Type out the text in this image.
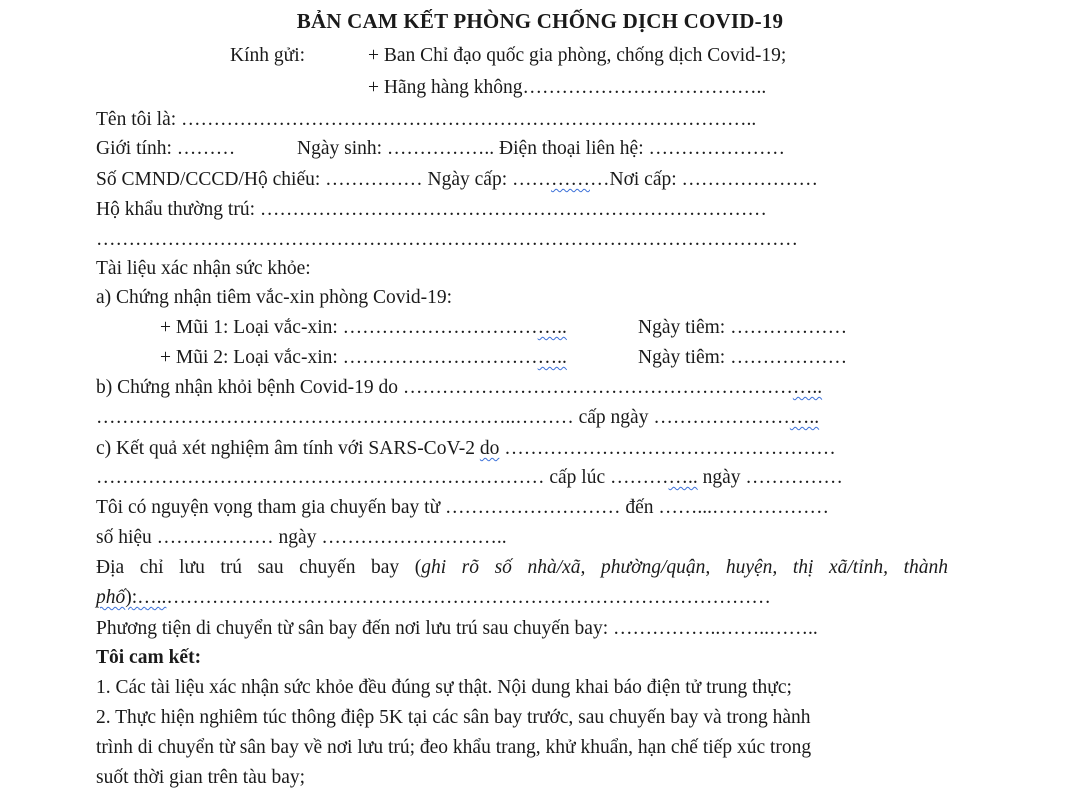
BẢN CAM KẾT PHÒNG CHỐNG DỊCH COVID-19
Kính gửi:	+ Ban Chỉ đạo quốc gia phòng, chống dịch Covid-19;
+ Hãng hàng không………………………………..
Tên tôi là: ……………………………………………………………………………..
Giới tính: ………	Ngày sinh: …………….. Điện thoại liên hệ: …………………
Số CMND/CCCD/Hộ chiếu: …………… Ngày cấp: ……………Nơi cấp: …………………
Hộ khẩu thường trú: ……………………………………………………………………
………………………………………………………………………………………………
Tài liệu xác nhận sức khỏe:
a) Chứng nhận tiêm vắc-xin phòng Covid-19:
+ Mũi 1: Loại vắc-xin: ……………………………..	Ngày tiêm: ………………
+ Mũi 2: Loại vắc-xin: ……………………………..	Ngày tiêm: ………………
b) Chứng nhận khỏi bệnh Covid-19 do ………………………………………………………..
………………………………………………………..……… cấp ngày ……………………..
c) Kết quả xét nghiệm âm tính với SARS-CoV-2 do ……………………………………………
…………………………………………………………… cấp lúc ………….. ngày ……………
Tôi có nguyện vọng tham gia chuyến bay từ ……………………… đến ……...………………
số hiệu ……………… ngày ………………………..
Địa chỉ lưu trú sau chuyến bay (ghi rõ số nhà/xã, phường/quận, huyện, thị xã/tỉnh, thành
phố):…..…………………………………………………………………………………
Phương tiện di chuyển từ sân bay đến nơi lưu trú sau chuyến bay: ……………..……..……..
Tôi cam kết:
1. Các tài liệu xác nhận sức khỏe đều đúng sự thật. Nội dung khai báo điện tử trung thực;
2. Thực hiện nghiêm túc thông điệp 5K tại các sân bay trước, sau chuyến bay và trong hành
trình di chuyển từ sân bay về nơi lưu trú; đeo khẩu trang, khử khuẩn, hạn chế tiếp xúc trong
suốt thời gian trên tàu bay;
